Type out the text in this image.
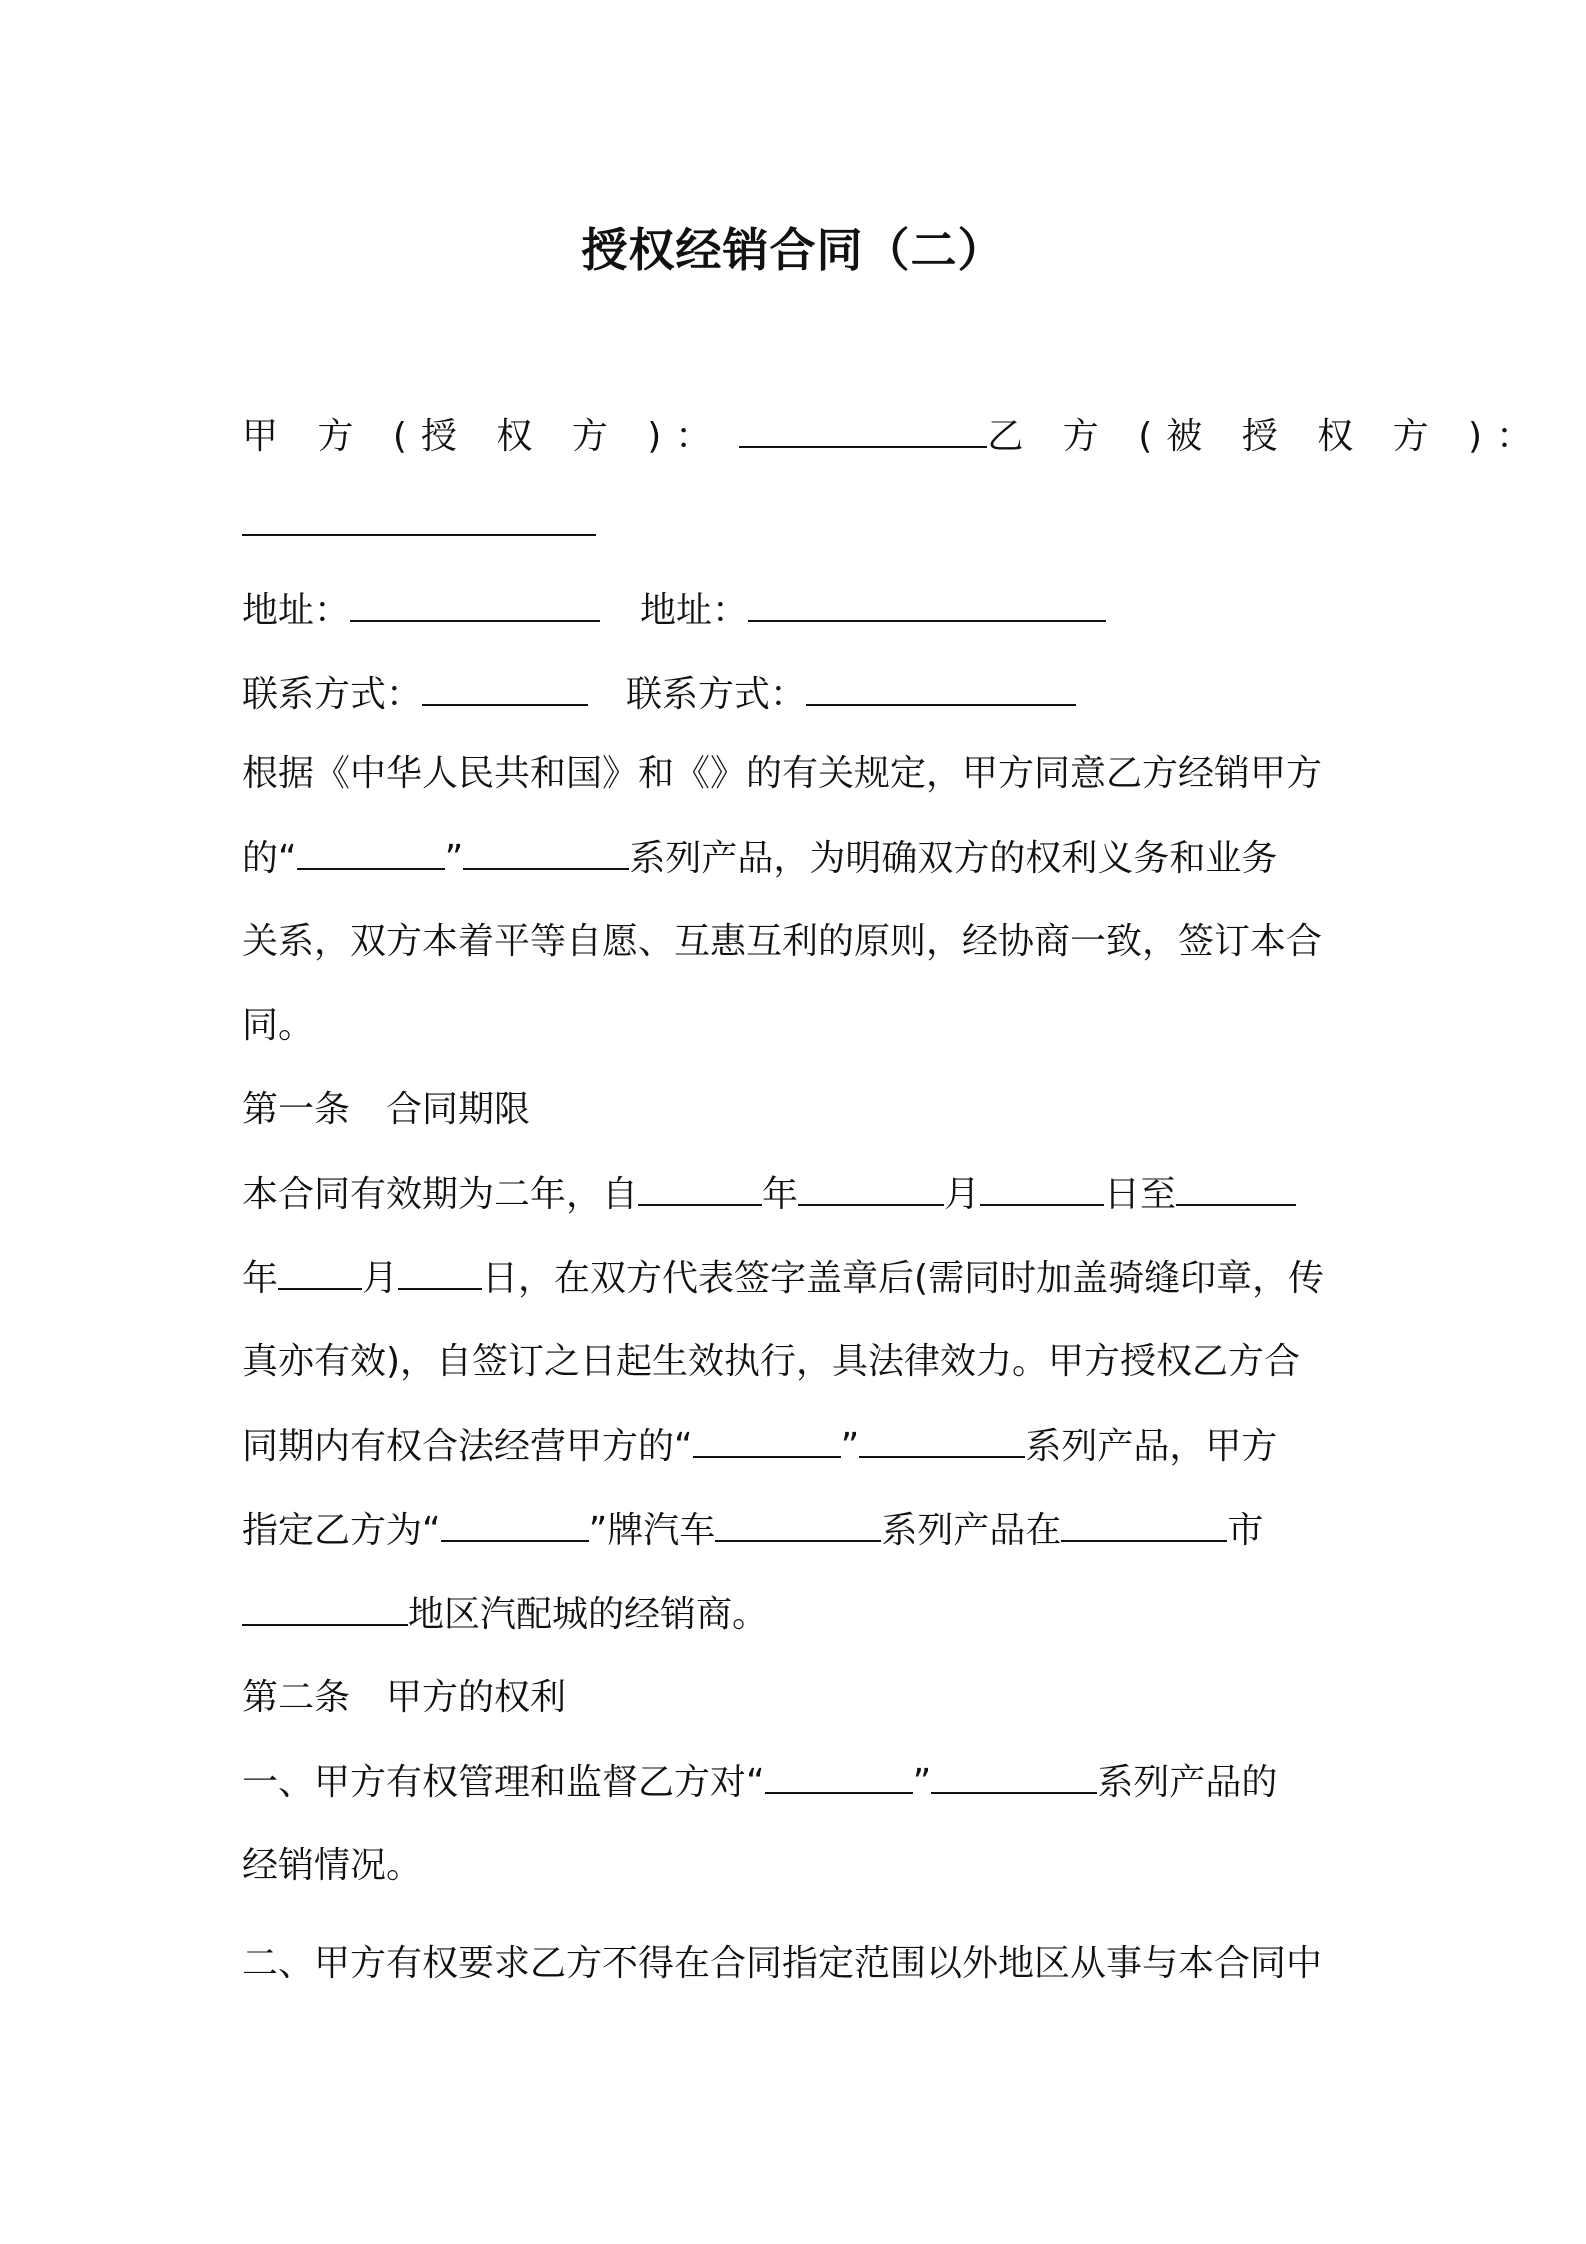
授权经销合同（二）

甲 方 (授 权 方 )：	乙 方 (被 授 权 方 )：

地址：	地址：

联系方式：	联系方式：

根据《中华人民共和国》和《》的有关规定，甲方同意乙方经销甲方

的“	”	系列产品，为明确双方的权利义务和业务

关系，双方本着平等自愿、互惠互利的原则，经协商一致，签订本合

同。

第一条　合同期限

本合同有效期为二年，自	年	月	日至

年 月 日，在双方代表签字盖章后(需同时加盖骑缝印章，传

真亦有效)，自签订之日起生效执行，具法律效力。甲方授权乙方合

同期内有权合法经营甲方的“	”	系列产品，甲方

指定乙方为“	”牌汽车	系列产品在	市

地区汽配城的经销商。

第二条　甲方的权利

一、甲方有权管理和监督乙方对“	”	系列产品的

经销情况。

二、甲方有权要求乙方不得在合同指定范围以外地区从事与本合同中
